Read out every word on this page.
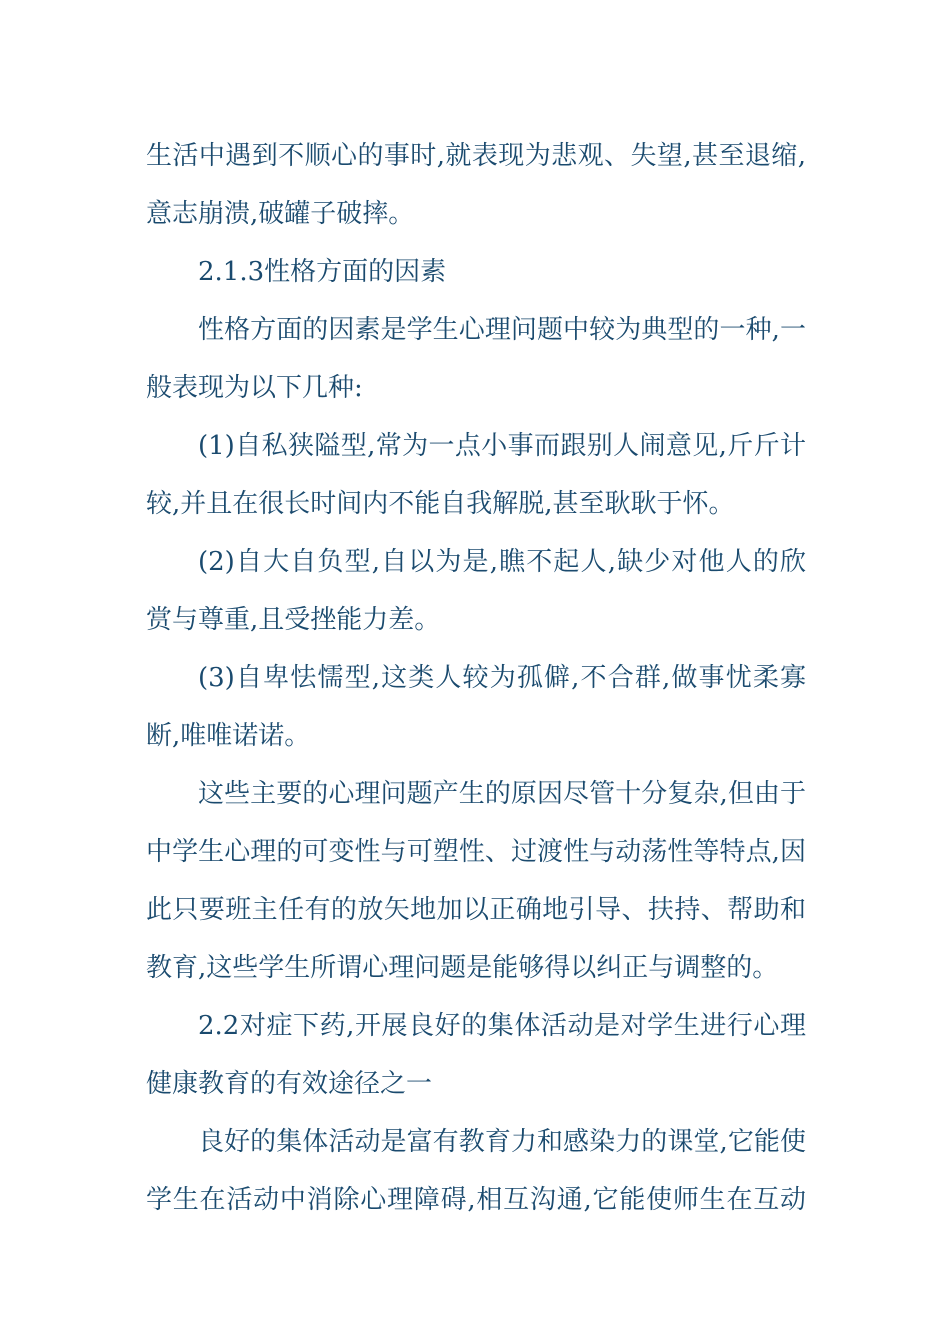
生活中遇到不顺心的事时,就表现为悲观、失望,甚至退缩,
意志崩溃,破罐子破摔。
2.1.3性格方面的因素
性格方面的因素是学生心理问题中较为典型的一种,一
般表现为以下几种:
(1)自私狭隘型,常为一点小事而跟别人闹意见,斤斤计
较,并且在很长时间内不能自我解脱,甚至耿耿于怀。
(2)自大自负型,自以为是,瞧不起人,缺少对他人的欣
赏与尊重,且受挫能力差。
(3)自卑怯懦型,这类人较为孤僻,不合群,做事忧柔寡
断,唯唯诺诺。
这些主要的心理问题产生的原因尽管十分复杂,但由于
中学生心理的可变性与可塑性、过渡性与动荡性等特点,因
此只要班主任有的放矢地加以正确地引导、扶持、帮助和
教育,这些学生所谓心理问题是能够得以纠正与调整的。
2.2对症下药,开展良好的集体活动是对学生进行心理
健康教育的有效途径之一
良好的集体活动是富有教育力和感染力的课堂,它能使
学生在活动中消除心理障碍,相互沟通,它能使师生在互动
